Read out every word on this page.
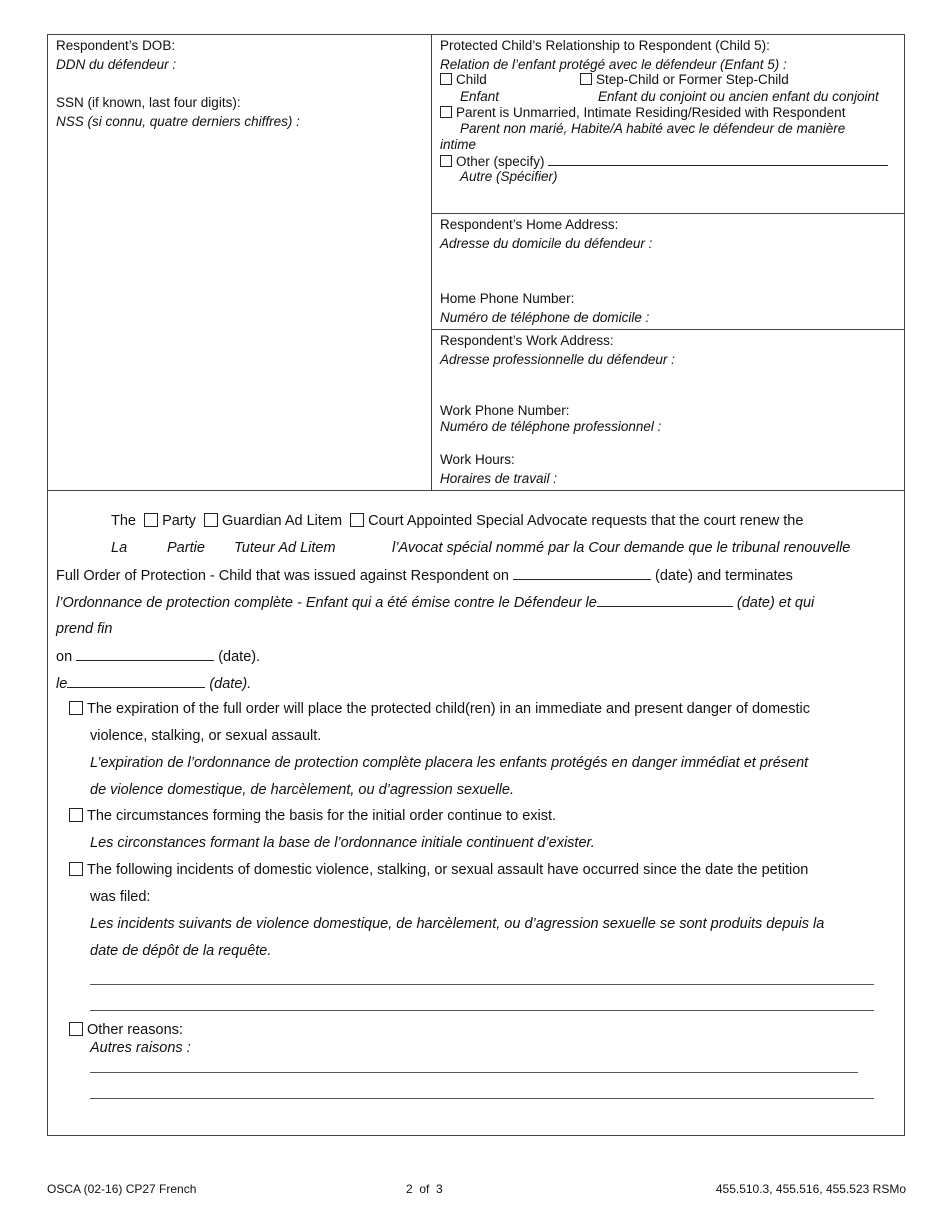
Respondent’s DOB:
DDN du défendeur :
SSN (if known, last four digits):
NSS (si connu, quatre derniers chiffres) :
Protected Child’s Relationship to Respondent (Child 5):
Relation de l’enfant protégé avec le défendeur (Enfant 5) :
Child	Step-Child or Former Step-Child
Enfant	Enfant du conjoint ou ancien enfant du conjoint
Parent is Unmarried, Intimate Residing/Resided with Respondent
Parent non marié, Habite/A habité avec le défendeur de manière
intime
Other (specify)
Autre (Spécifier)
Respondent’s Home Address:
Adresse du domicile du défendeur :
Home Phone Number:
Numéro de téléphone de domicile :
Respondent’s Work Address:
Adresse professionnelle du défendeur :
Work Phone Number:
Numéro de téléphone professionnel :
Work Hours:
Horaires de travail :
The Party Guardian Ad Litem Court Appointed Special Advocate requests that the court renew the
La	Partie Tuteur Ad Litem	l’Avocat spécial nommé par la Cour demande que le tribunal renouvelle
Full Order of Protection - Child that was issued against Respondent on	(date) and terminates
l’Ordonnance de protection complète - Enfant qui a été émise contre le Défendeur le	(date) et qui
prend fin
on	(date).
le	(date).
The expiration of the full order will place the protected child(ren) in an immediate and present danger of domestic
violence, stalking, or sexual assault.
L’expiration de l’ordonnance de protection complète placera les enfants protégés en danger immédiat et présent
de violence domestique, de harcèlement, ou d’agression sexuelle.
The circumstances forming the basis for the initial order continue to exist.
Les circonstances formant la base de l’ordonnance initiale continuent d’exister.
The following incidents of domestic violence, stalking, or sexual assault have occurred since the date the petition
was filed:
Les incidents suivants de violence domestique, de harcèlement, ou d’agression sexuelle se sont produits depuis la
date de dépôt de la requête.
Other reasons:
Autres raisons :
OSCA (02-16) CP27 French	2  of  3	455.510.3, 455.516, 455.523 RSMo
